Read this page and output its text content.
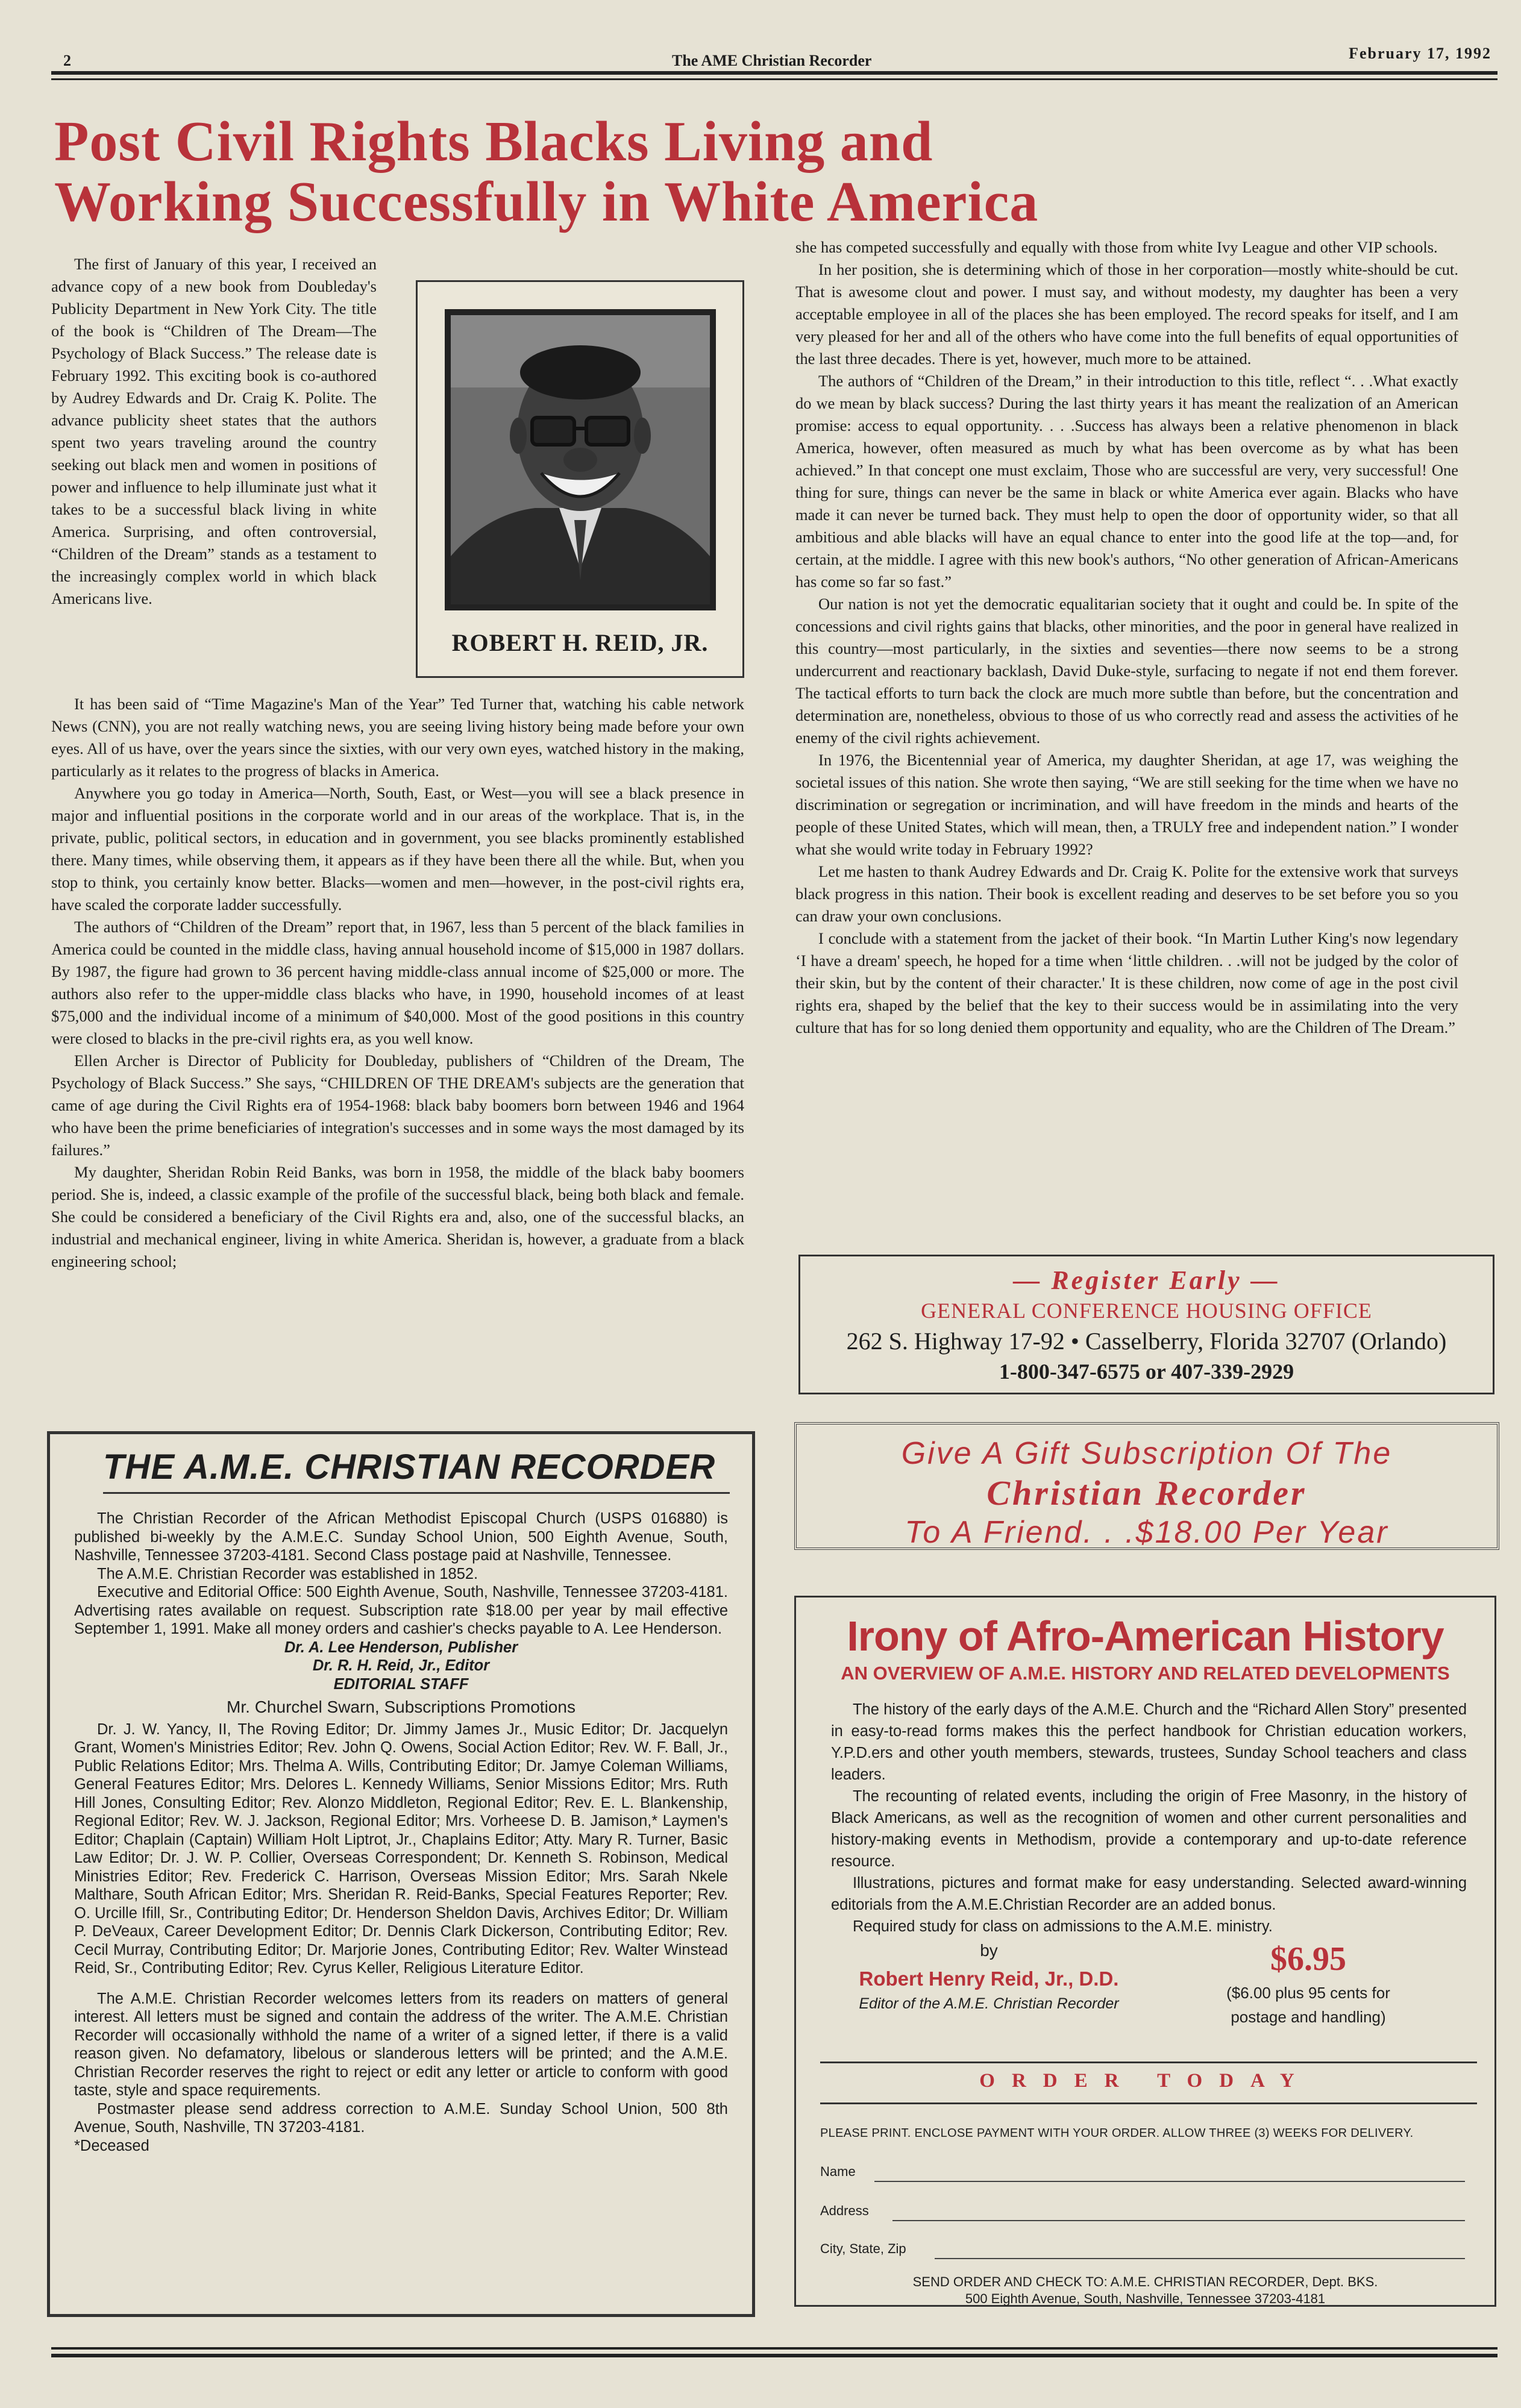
2	The AME Christian Recorder	February 17, 1992
Post Civil Rights Blacks Living and
Working Successfully in White America

The first of January of this year, I received an advance copy of a new book from Doubleday's Publicity Department in New York City. The title of the book is “Children of The Dream—The Psychology of Black Success.” The release date is February 1992. This exciting book is co-authored by Audrey Edwards and Dr. Craig K. Polite. The advance publicity sheet states that the authors spent two years traveling around the country seeking out black men and women in positions of power and influence to help illuminate just what it takes to be a successful black living in white America. Surprising, and often controversial, “Children of the Dream” stands as a testament to the increasingly complex world in which black Americans live.

ROBERT H. REID, JR.

It has been said of “Time Magazine's Man of the Year” Ted Turner that, watching his cable network News (CNN), you are not really watching news, you are seeing living history being made before your own eyes. All of us have, over the years since the sixties, with our very own eyes, watched history in the making, particularly as it relates to the progress of blacks in America.

Anywhere you go today in America—North, South, East, or West—you will see a black presence in major and influential positions in the corporate world and in our areas of the workplace. That is, in the private, public, political sectors, in education and in government, you see blacks prominently established there. Many times, while observing them, it appears as if they have been there all the while. But, when you stop to think, you certainly know better. Blacks—women and men—however, in the post-civil rights era, have scaled the corporate ladder successfully.

The authors of “Children of the Dream” report that, in 1967, less than 5 percent of the black families in America could be counted in the middle class, having annual household income of $15,000 in 1987 dollars. By 1987, the figure had grown to 36 percent having middle-class annual income of $25,000 or more. The authors also refer to the upper-middle class blacks who have, in 1990, household incomes of at least $75,000 and the individual income of a minimum of $40,000. Most of the good positions in this country were closed to blacks in the pre-civil rights era, as you well know.

Ellen Archer is Director of Publicity for Doubleday, publishers of “Children of the Dream, The Psychology of Black Success.” She says, “CHILDREN OF THE DREAM's subjects are the generation that came of age during the Civil Rights era of 1954-1968: black baby boomers born between 1946 and 1964 who have been the prime beneficiaries of integration's successes and in some ways the most damaged by its failures.”

My daughter, Sheridan Robin Reid Banks, was born in 1958, the middle of the black baby boomers period. She is, indeed, a classic example of the profile of the successful black, being both black and female. She could be considered a beneficiary of the Civil Rights era and, also, one of the successful blacks, an industrial and mechanical engineer, living in white America. Sheridan is, however, a graduate from a black engineering school;

she has competed successfully and equally with those from white Ivy League and other VIP schools.

In her position, she is determining which of those in her corporation—mostly white-should be cut. That is awesome clout and power. I must say, and without modesty, my daughter has been a very acceptable employee in all of the places she has been employed. The record speaks for itself, and I am very pleased for her and all of the others who have come into the full benefits of equal opportunities of the last three decades. There is yet, however, much more to be attained.

The authors of “Children of the Dream,” in their introduction to this title, reflect “. . .What exactly do we mean by black success? During the last thirty years it has meant the realization of an American promise: access to equal opportunity. . . .Success has always been a relative phenomenon in black America, however, often measured as much by what has been overcome as by what has been achieved.” In that concept one must exclaim, Those who are successful are very, very successful! One thing for sure, things can never be the same in black or white America ever again. Blacks who have made it can never be turned back. They must help to open the door of opportunity wider, so that all ambitious and able blacks will have an equal chance to enter into the good life at the top—and, for certain, at the middle. I agree with this new book's authors, “No other generation of African-Americans has come so far so fast.”

Our nation is not yet the democratic equalitarian society that it ought and could be. In spite of the concessions and civil rights gains that blacks, other minorities, and the poor in general have realized in this country—most particularly, in the sixties and seventies—there now seems to be a strong undercurrent and reactionary backlash, David Duke-style, surfacing to negate if not end them forever. The tactical efforts to turn back the clock are much more subtle than before, but the concentration and determination are, nonetheless, obvious to those of us who correctly read and assess the activities of he enemy of the civil rights achievement.

In 1976, the Bicentennial year of America, my daughter Sheridan, at age 17, was weighing the societal issues of this nation. She wrote then saying, “We are still seeking for the time when we have no discrimination or segregation or incrimination, and will have freedom in the minds and hearts of the people of these United States, which will mean, then, a TRULY free and independent nation.” I wonder what she would write today in February 1992?

Let me hasten to thank Audrey Edwards and Dr. Craig K. Polite for the extensive work that surveys black progress in this nation. Their book is excellent reading and deserves to be set before you so you can draw your own conclusions.

I conclude with a statement from the jacket of their book. “In Martin Luther King's now legendary ‘I have a dream' speech, he hoped for a time when ‘little children. . .will not be judged by the color of their skin, but by the content of their character.' It is these children, now come of age in the post civil rights era, shaped by the belief that the key to their success would be in assimilating into the very culture that has for so long denied them opportunity and equality, who are the Children of The Dream.”

— Register Early —
GENERAL CONFERENCE HOUSING OFFICE
262 S. Highway 17-92 • Casselberry, Florida 32707 (Orlando)
1-800-347-6575 or 407-339-2929
Give A Gift Subscription Of The
Christian Recorder
To A Friend. . .$18.00 Per Year
THE A.M.E. CHRISTIAN RECORDER

The Christian Recorder of the African Methodist Episcopal Church (USPS 016880) is published bi-weekly by the A.M.E.C. Sunday School Union, 500 Eighth Avenue, South, Nashville, Tennessee 37203-4181. Second Class postage paid at Nashville, Tennessee.

The A.M.E. Christian Recorder was established in 1852.

Executive and Editorial Office: 500 Eighth Avenue, South, Nashville, Tennessee 37203-4181. Advertising rates available on request. Subscription rate $18.00 per year by mail effective September 1, 1991. Make all money orders and cashier's checks payable to A. Lee Henderson.

Dr. A. Lee Henderson, Publisher

Dr. R. H. Reid, Jr., Editor

EDITORIAL STAFF

Mr. Churchel Swarn, Subscriptions Promotions

Dr. J. W. Yancy, II, The Roving Editor; Dr. Jimmy James Jr., Music Editor; Dr. Jacquelyn Grant, Women's Ministries Editor; Rev. John Q. Owens, Social Action Editor; Rev. W. F. Ball, Jr., Public Relations Editor; Mrs. Thelma A. Wills, Contributing Editor; Dr. Jamye Coleman Williams, General Features Editor; Mrs. Delores L. Kennedy Williams, Senior Missions Editor; Mrs. Ruth Hill Jones, Consulting Editor; Rev. Alonzo Middleton, Regional Editor; Rev. E. L. Blankenship, Regional Editor; Rev. W. J. Jackson, Regional Editor; Mrs. Vorheese D. B. Jamison,* Laymen's Editor; Chaplain (Captain) William Holt Liptrot, Jr., Chaplains Editor; Atty. Mary R. Turner, Basic Law Editor; Dr. J. W. P. Collier, Overseas Correspondent; Dr. Kenneth S. Robinson, Medical Ministries Editor; Rev. Frederick C. Harrison, Overseas Mission Editor; Mrs. Sarah Nkele Malthare, South African Editor; Mrs. Sheridan R. Reid-Banks, Special Features Reporter; Rev. O. Urcille Ifill, Sr., Contributing Editor; Dr. Henderson Sheldon Davis, Archives Editor; Dr. William P. DeVeaux, Career Development Editor; Dr. Dennis Clark Dickerson, Contributing Editor; Rev. Cecil Murray, Contributing Editor; Dr. Marjorie Jones, Contributing Editor; Rev. Walter Winstead Reid, Sr., Contributing Editor; Rev. Cyrus Keller, Religious Literature Editor.

The A.M.E. Christian Recorder welcomes letters from its readers on matters of general interest. All letters must be signed and contain the address of the writer. The A.M.E. Christian Recorder will occasionally withhold the name of a writer of a signed letter, if there is a valid reason given. No defamatory, libelous or slanderous letters will be printed; and the A.M.E. Christian Recorder reserves the right to reject or edit any letter or article to conform with good taste, style and space requirements.

Postmaster please send address correction to A.M.E. Sunday School Union, 500 8th Avenue, South, Nashville, TN 37203-4181.

*Deceased

Irony of Afro-American History
AN OVERVIEW OF A.M.E. HISTORY AND RELATED DEVELOPMENTS

The history of the early days of the A.M.E. Church and the “Richard Allen Story” presented in easy-to-read forms makes this the perfect handbook for Christian education workers, Y.P.D.ers and other youth members, stewards, trustees, Sunday School teachers and class leaders.

The recounting of related events, including the origin of Free Masonry, in the history of Black Americans, as well as the recognition of women and other current personalities and history-making events in Methodism, provide a contemporary and up-to-date reference resource.

Illustrations, pictures and format make for easy understanding. Selected award-winning editorials from the A.M.E.Christian Recorder are an added bonus.

Required study for class on admissions to the A.M.E. ministry.

by
Robert Henry Reid, Jr., D.D.
Editor of the A.M.E. Christian Recorder
$6.95
($6.00 plus 95 cents for
postage and handling)
ORDER TODAY
PLEASE PRINT. ENCLOSE PAYMENT WITH YOUR ORDER. ALLOW THREE (3) WEEKS FOR DELIVERY.
Name
Address
City, State, Zip
SEND ORDER AND CHECK TO: A.M.E. CHRISTIAN RECORDER, Dept. BKS.
500 Eighth Avenue, South, Nashville, Tennessee 37203-4181
